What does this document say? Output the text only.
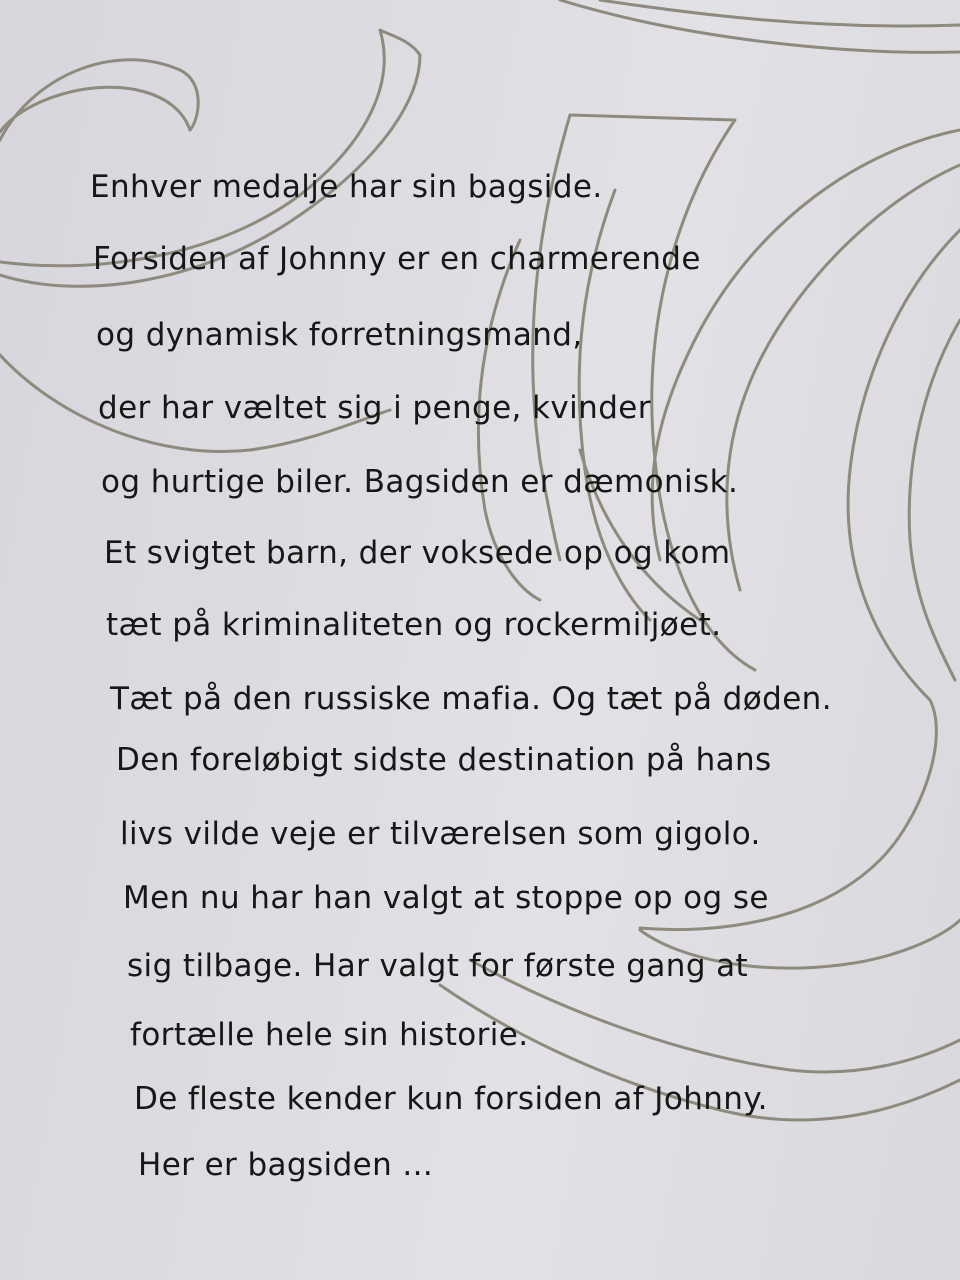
Enhver medalje har sin bagside.
Forsiden af Johnny er en charmerende
og dynamisk forretningsmand,
der har væltet sig i penge, kvinder
og hurtige biler. Bagsiden er dæmonisk.
Et svigtet barn, der voksede op og kom
tæt på kriminaliteten og rockermiljøet.
Tæt på den russiske mafia. Og tæt på døden.
Den foreløbigt sidste destination på hans
livs vilde veje er tilværelsen som gigolo.
Men nu har han valgt at stoppe op og se
sig tilbage. Har valgt for første gang at
fortælle hele sin historie.
De fleste kender kun forsiden af Johnny.
Her er bagsiden ...
